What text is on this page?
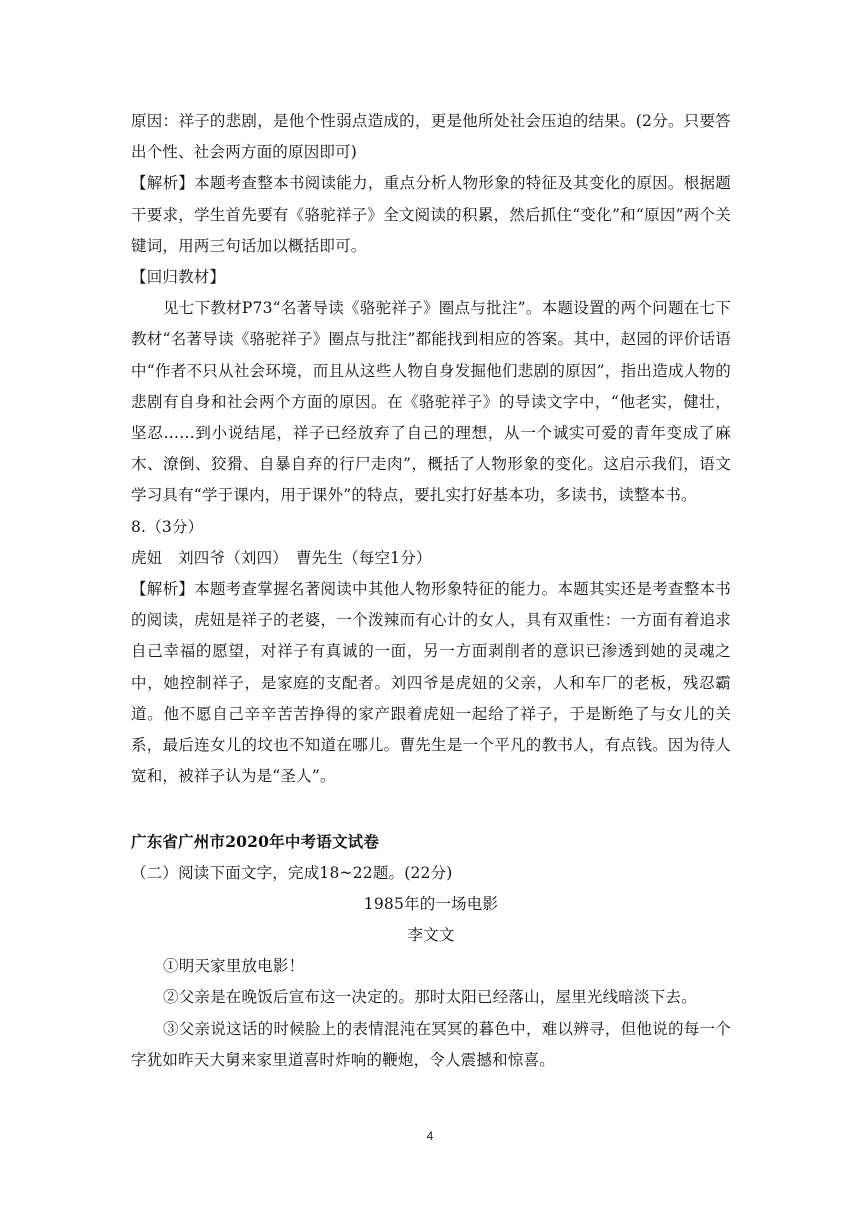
原因：祥子的悲剧，是他个性弱点造成的，更是他所处社会压迫的结果。(2分。只要答出个性、社会两方面的原因即可)

【解析】本题考查整本书阅读能力，重点分析人物形象的特征及其变化的原因。根据题干要求，学生首先要有《骆驼祥子》全文阅读的积累，然后抓住“变化”和“原因”两个关键词，用两三句话加以概括即可。

【回归教材】

见七下教材P73“名著导读《骆驼祥子》圈点与批注”。本题设置的两个问题在七下教材“名著导读《骆驼祥子》圈点与批注”都能找到相应的答案。其中，赵园的评价话语中“作者不只从社会环境，而且从这些人物自身发掘他们悲剧的原因”，指出造成人物的悲剧有自身和社会两个方面的原因。在《骆驼祥子》的导读文字中，“他老实，健壮，坚忍……到小说结尾，祥子已经放弃了自己的理想，从一个诚实可爱的青年变成了麻木、潦倒、狡猾、自暴自弃的行尸走肉”，概括了人物形象的变化。这启示我们，语文学习具有“学于课内，用于课外”的特点，要扎实打好基本功，多读书，读整本书。

8.（3分）

虎妞　刘四爷（刘四）　曹先生（每空1分）

【解析】本题考查掌握名著阅读中其他人物形象特征的能力。本题其实还是考查整本书的阅读，虎妞是祥子的老婆，一个泼辣而有心计的女人，具有双重性：一方面有着追求自己幸福的愿望，对祥子有真诚的一面，另一方面剥削者的意识已渗透到她的灵魂之中，她控制祥子，是家庭的支配者。刘四爷是虎妞的父亲，人和车厂的老板，残忍霸道。他不愿自己辛辛苦苦挣得的家产跟着虎妞一起给了祥子，于是断绝了与女儿的关系，最后连女儿的坟也不知道在哪儿。曹先生是一个平凡的教书人，有点钱。因为待人宽和，被祥子认为是“圣人”。

广东省广州市2020年中考语文试卷

（二）阅读下面文字，完成18~22题。(22分)

1985年的一场电影

李文文

①明天家里放电影！

②父亲是在晚饭后宣布这一决定的。那时太阳已经落山，屋里光线暗淡下去。

③父亲说这话的时候脸上的表情混沌在冥冥的暮色中，难以辨寻，但他说的每一个字犹如昨天大舅来家里道喜时炸响的鞭炮，令人震撼和惊喜。

4
